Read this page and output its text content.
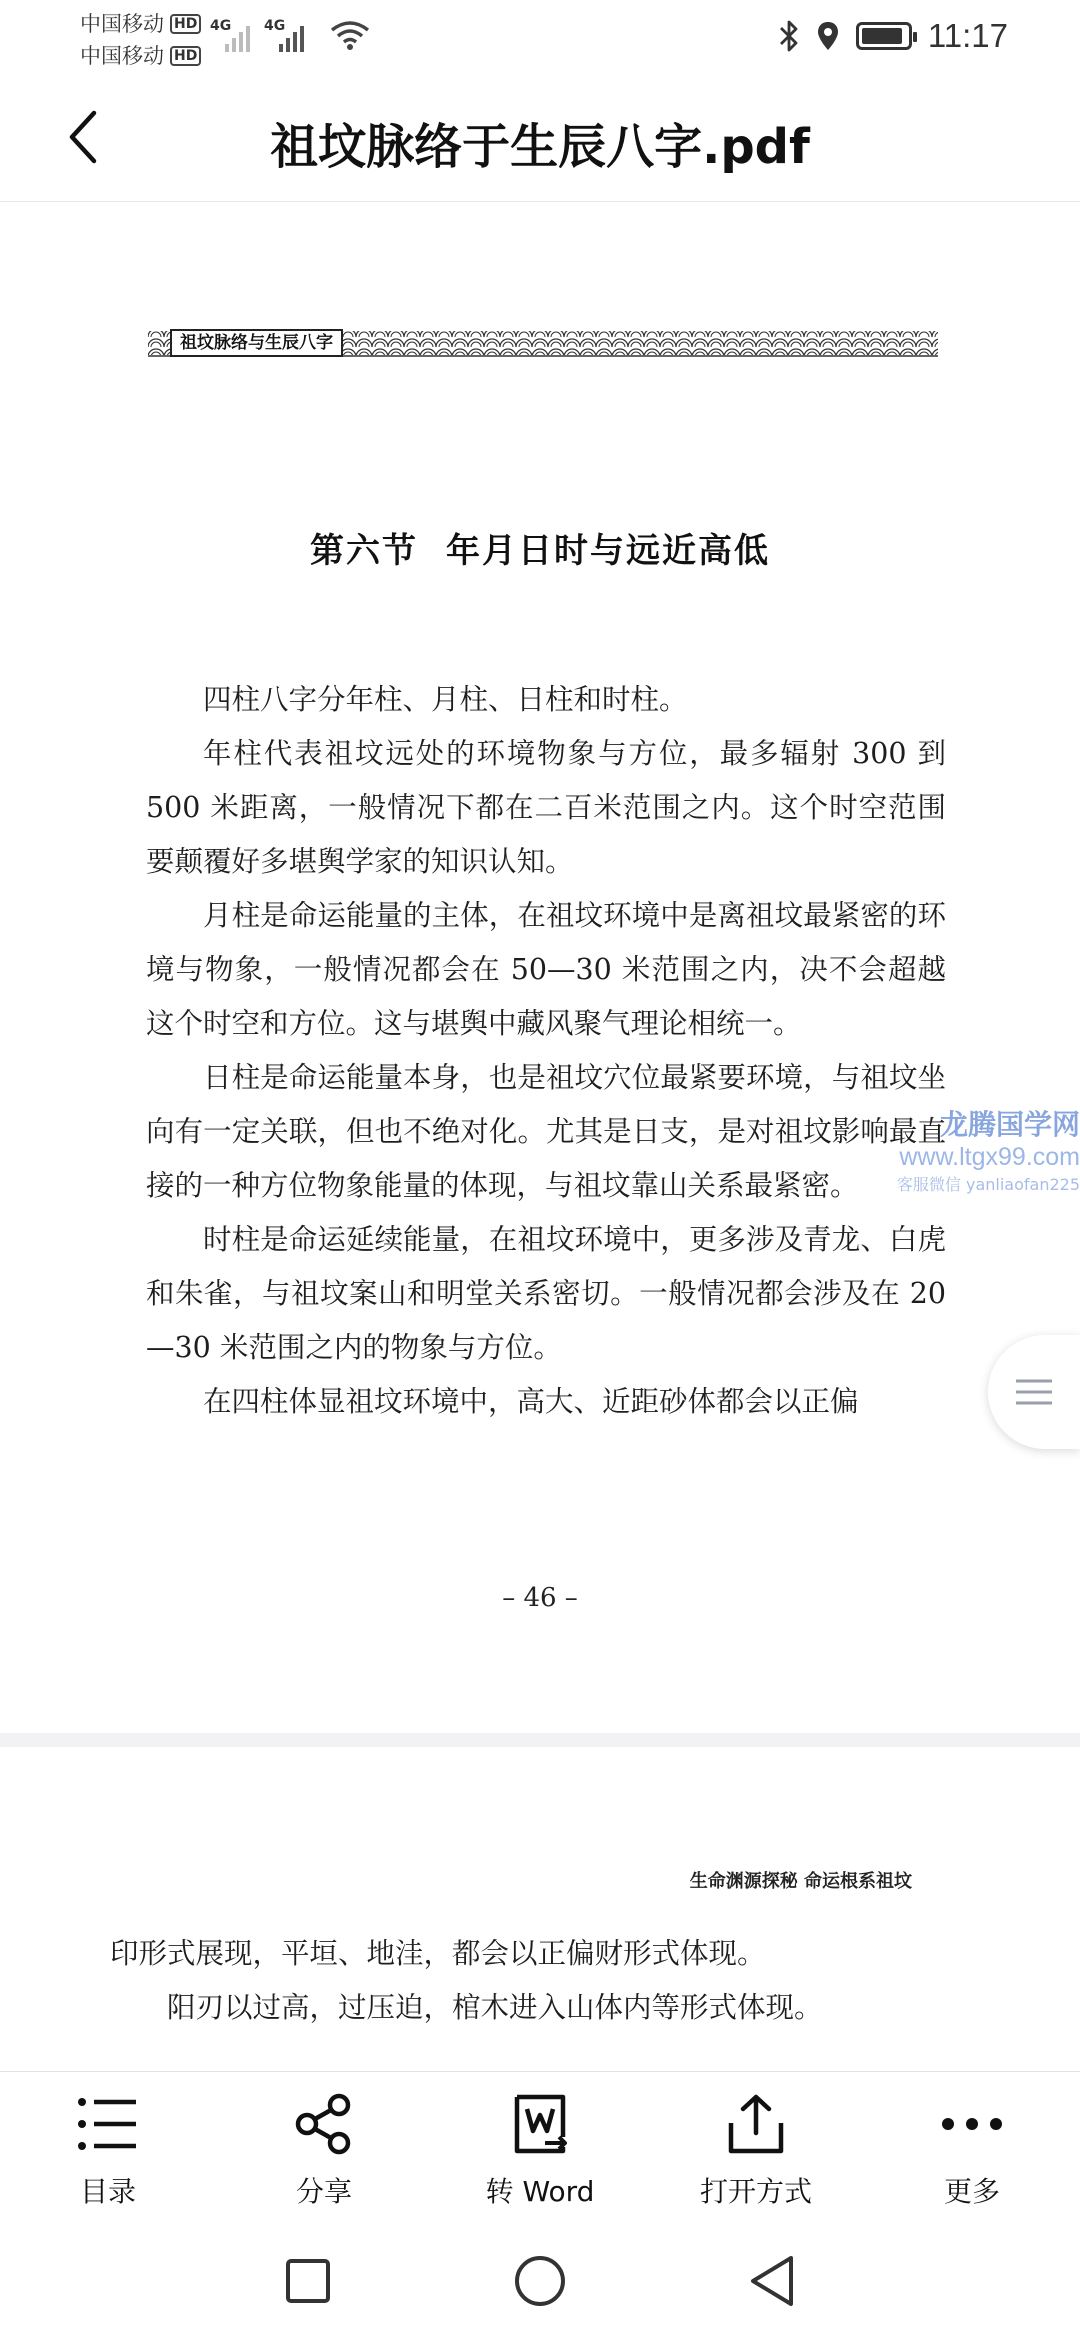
中国移动 HD
中国移动 HD
4G 4G	11:17
祖坟脉络于生辰八字.pdf
祖坟脉络与生辰八字
第六节 年月日时与远近高低

四柱八字分年柱、月柱、日柱和时柱。

年柱代表祖坟远处的环境物象与方位，最多辐射 300 到 500 米距离，一般情况下都在二百米范围之内。这个时空范围要颠覆好多堪舆学家的知识认知。

月柱是命运能量的主体，在祖坟环境中是离祖坟最紧密的环境与物象，一般情况都会在 50—30 米范围之内，决不会超越这个时空和方位。这与堪舆中藏风聚气理论相统一。

日柱是命运能量本身，也是祖坟穴位最紧要环境，与祖坟坐向有一定关联，但也不绝对化。尤其是日支，是对祖坟影响最直接的一种方位物象能量的体现，与祖坟靠山关系最紧密。

时柱是命运延续能量，在祖坟环境中，更多涉及青龙、白虎和朱雀，与祖坟案山和明堂关系密切。一般情况都会涉及在 20—30 米范围之内的物象与方位。

在四柱体显祖坟环境中，高大、近距砂体都会以正偏

龙腾国学网
www.ltgx99.com
客服微信 yanliaofan225
– 46 –
生命渊源探秘 命运根系祖坟

印形式展现，平垣、地洼，都会以正偏财形式体现。

阳刃以过高，过压迫，棺木进入山体内等形式体现。

目录	分享	转 Word	打开方式	更多
